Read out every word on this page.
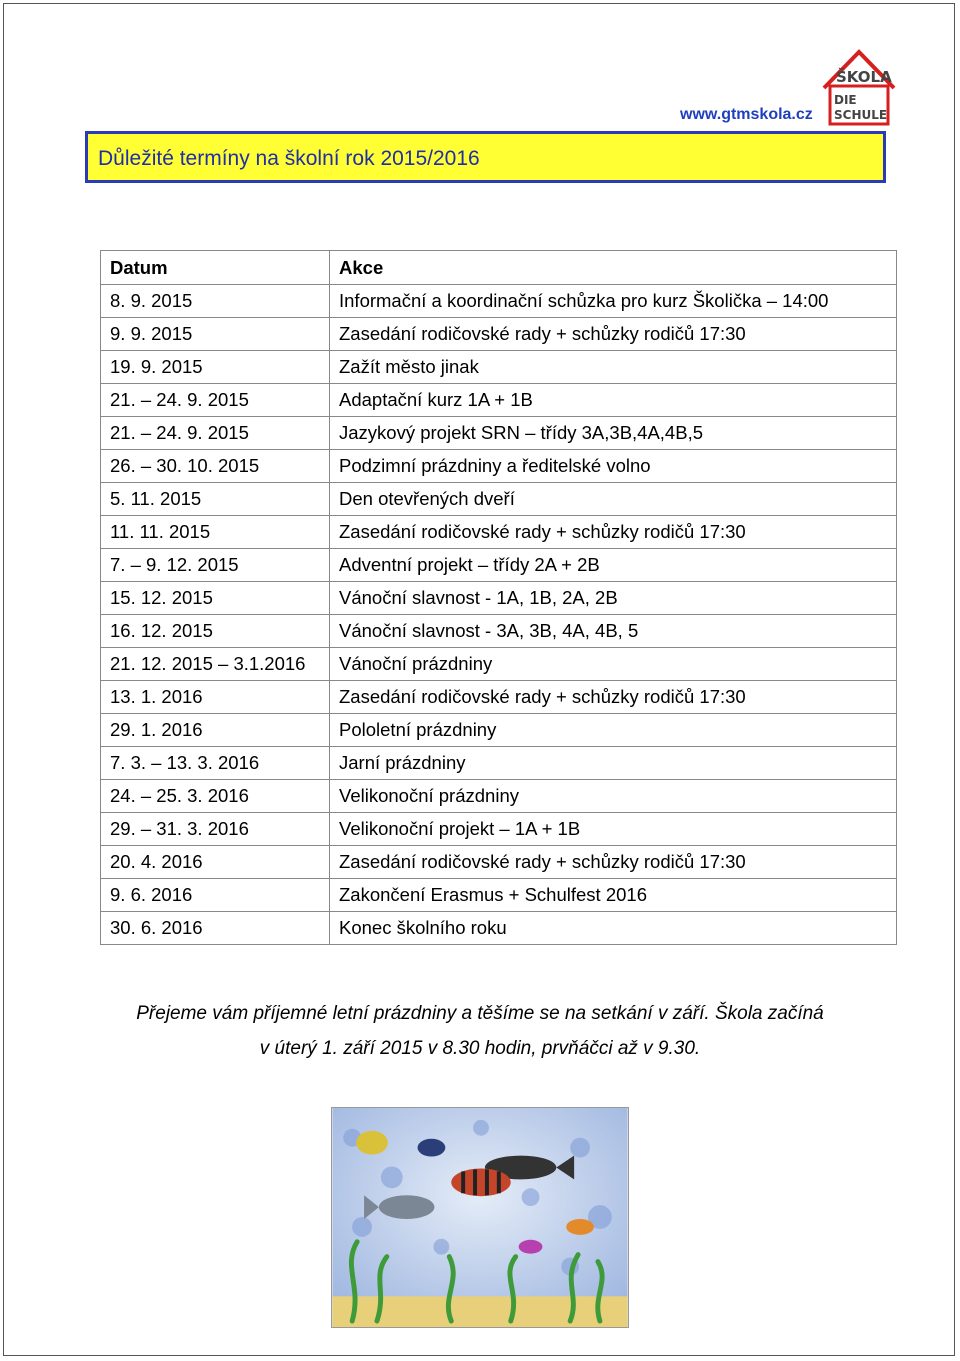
www.gtmskola.cz
ŠKOLA
DIE
SCHULE
Důležité termíny na školní rok 2015/2016
Datum	Akce
8. 9. 2015	Informační a koordinační schůzka pro kurz Školička – 14:00
9. 9. 2015	Zasedání rodičovské rady + schůzky rodičů 17:30
19. 9. 2015	Zažít město jinak
21. – 24. 9. 2015	Adaptační kurz 1A + 1B
21. – 24. 9. 2015	Jazykový projekt SRN – třídy 3A,3B,4A,4B,5
26. – 30. 10. 2015	Podzimní prázdniny a ředitelské volno
5. 11. 2015	Den otevřených dveří
11. 11. 2015	Zasedání rodičovské rady + schůzky rodičů 17:30
7. – 9. 12. 2015	Adventní projekt – třídy 2A + 2B
15. 12. 2015	Vánoční slavnost - 1A, 1B, 2A, 2B
16. 12. 2015	Vánoční slavnost - 3A, 3B, 4A, 4B, 5
21. 12. 2015 – 3.1.2016	Vánoční prázdniny
13. 1. 2016	Zasedání rodičovské rady + schůzky rodičů 17:30
29. 1. 2016	Pololetní prázdniny
7. 3. – 13. 3. 2016	Jarní prázdniny
24. – 25. 3. 2016	Velikonoční prázdniny
29. – 31. 3. 2016	Velikonoční projekt – 1A + 1B
20. 4. 2016	Zasedání rodičovské rady + schůzky rodičů 17:30
9. 6. 2016	Zakončení Erasmus + Schulfest 2016
30. 6. 2016	Konec školního roku
Přejeme vám příjemné letní prázdniny a těšíme se na setkání v září. Škola začíná
v úterý 1. září 2015 v 8.30 hodin, prvňáčci až v 9.30.
